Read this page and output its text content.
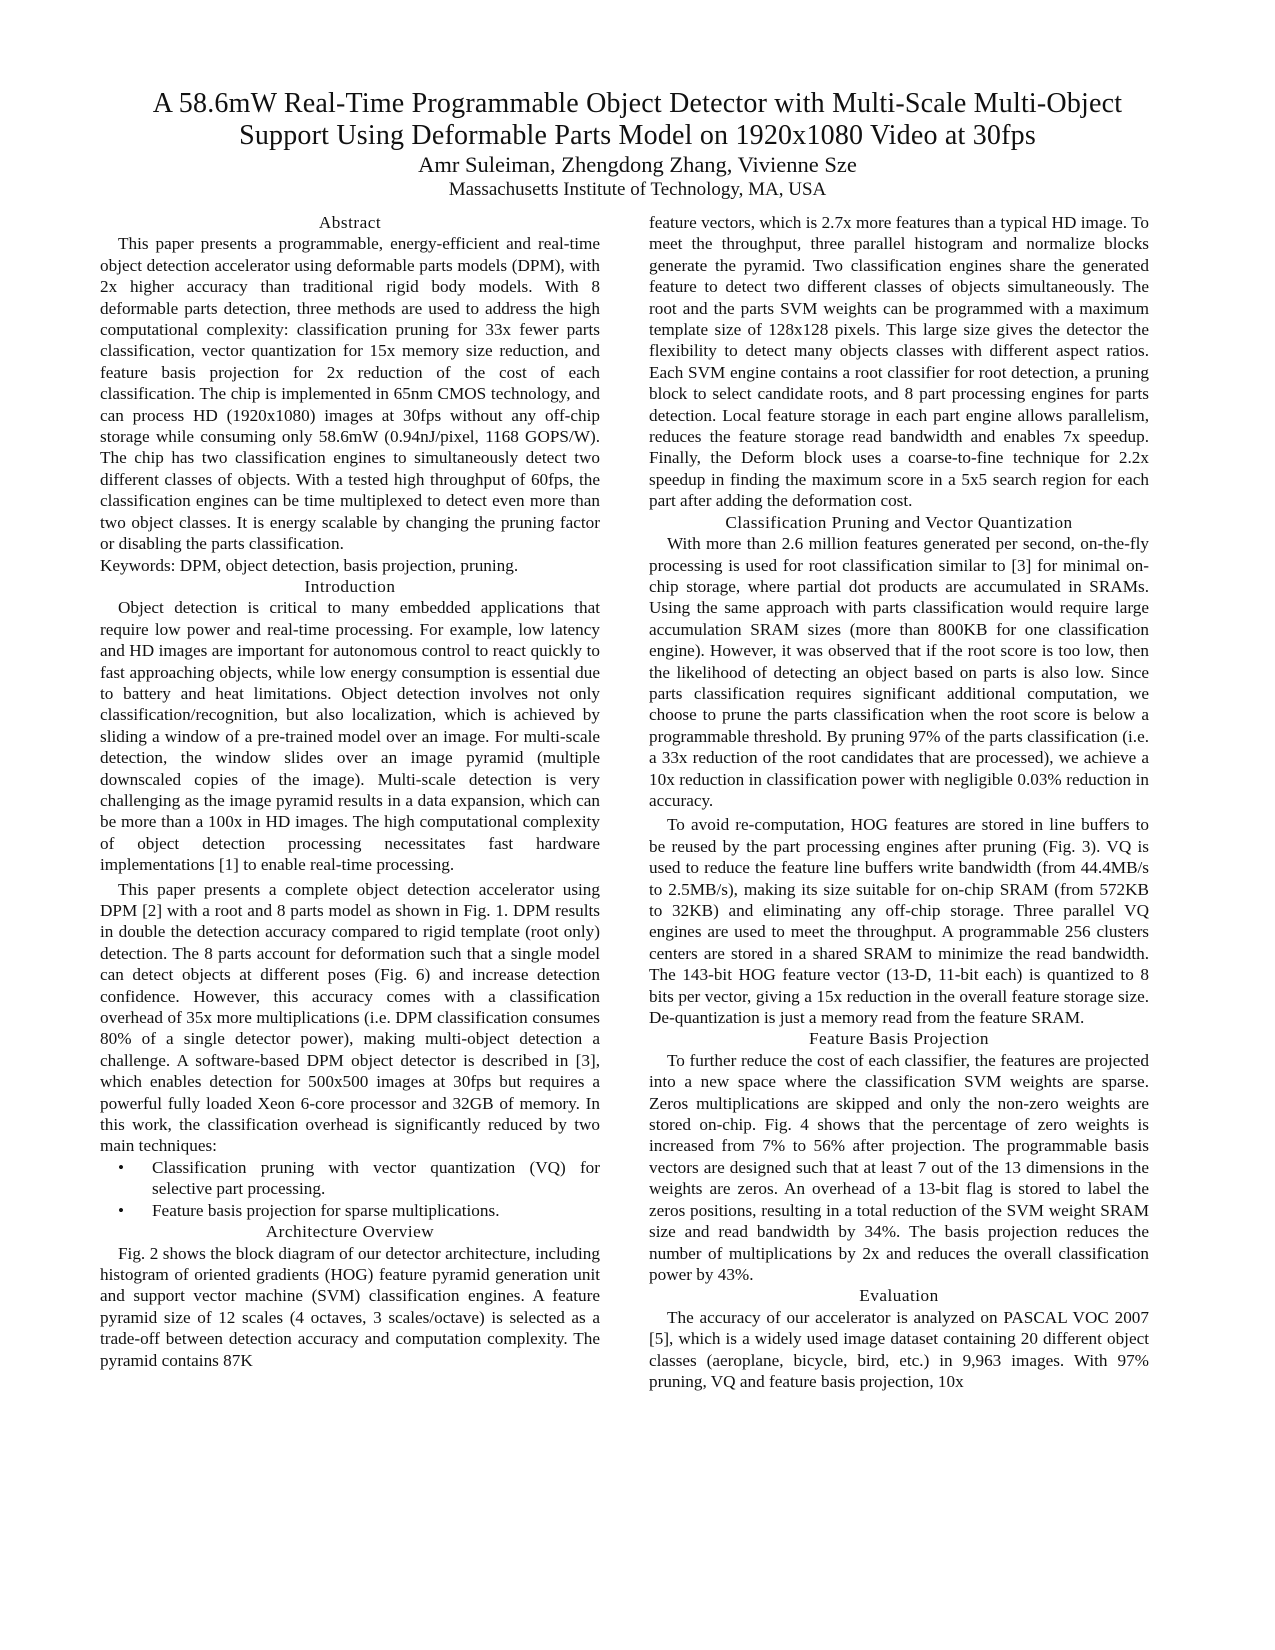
A 58.6mW Real-Time Programmable Object Detector with Multi-Scale Multi-Object
Support Using Deformable Parts Model on 1920x1080 Video at 30fps
Amr Suleiman, Zhengdong Zhang, Vivienne Sze
Massachusetts Institute of Technology, MA, USA
Abstract

This paper presents a programmable, energy-efficient and real-time object detection accelerator using deformable parts models (DPM), with 2x higher accuracy than traditional rigid body models. With 8 deformable parts detection, three methods are used to address the high computational complexity: classification pruning for 33x fewer parts classification, vector quantization for 15x memory size reduction, and feature basis projection for 2x reduction of the cost of each classification. The chip is implemented in 65nm CMOS technology, and can process HD (1920x1080) images at 30fps without any off-chip storage while consuming only 58.6mW (0.94nJ/pixel, 1168 GOPS/W). The chip has two classification engines to simultaneously detect two different classes of objects. With a tested high throughput of 60fps, the classification engines can be time multiplexed to detect even more than two object classes. It is energy scalable by changing the pruning factor or disabling the parts classification.

Keywords: DPM, object detection, basis projection, pruning.

Introduction

Object detection is critical to many embedded applications that require low power and real-time processing. For example, low latency and HD images are important for autonomous control to react quickly to fast approaching objects, while low energy consumption is essential due to battery and heat limitations. Object detection involves not only classification/recognition, but also localization, which is achieved by sliding a window of a pre-trained model over an image. For multi-scale detection, the window slides over an image pyramid (multiple downscaled copies of the image). Multi-scale detection is very challenging as the image pyramid results in a data expansion, which can be more than a 100x in HD images. The high computational complexity of object detection processing necessitates fast hardware implementations [1] to enable real-time processing.

This paper presents a complete object detection accelerator using DPM [2] with a root and 8 parts model as shown in Fig. 1. DPM results in double the detection accuracy compared to rigid template (root only) detection. The 8 parts account for deformation such that a single model can detect objects at different poses (Fig. 6) and increase detection confidence. However, this accuracy comes with a classification overhead of 35x more multiplications (i.e. DPM classification consumes 80% of a single detector power), making multi-object detection a challenge. A software-based DPM object detector is described in [3], which enables detection for 500x500 images at 30fps but requires a powerful fully loaded Xeon 6-core processor and 32GB of memory. In this work, the classification overhead is significantly reduced by two main techniques:

• Classification pruning with vector quantization (VQ) for selective part processing.
• Feature basis projection for sparse multiplications.
Architecture Overview

Fig. 2 shows the block diagram of our detector architecture, including histogram of oriented gradients (HOG) feature pyramid generation unit and support vector machine (SVM) classification engines. A feature pyramid size of 12 scales (4 octaves, 3 scales/octave) is selected as a trade-off between detection accuracy and computation complexity. The pyramid contains 87K

feature vectors, which is 2.7x more features than a typical HD image. To meet the throughput, three parallel histogram and normalize blocks generate the pyramid. Two classification engines share the generated feature to detect two different classes of objects simultaneously. The root and the parts SVM weights can be programmed with a maximum template size of 128x128 pixels. This large size gives the detector the flexibility to detect many objects classes with different aspect ratios. Each SVM engine contains a root classifier for root detection, a pruning block to select candidate roots, and 8 part processing engines for parts detection. Local feature storage in each part engine allows parallelism, reduces the feature storage read bandwidth and enables 7x speedup. Finally, the Deform block uses a coarse-to-fine technique for 2.2x speedup in finding the maximum score in a 5x5 search region for each part after adding the deformation cost.

Classification Pruning and Vector Quantization

With more than 2.6 million features generated per second, on-the-fly processing is used for root classification similar to [3] for minimal on-chip storage, where partial dot products are accumulated in SRAMs. Using the same approach with parts classification would require large accumulation SRAM sizes (more than 800KB for one classification engine). However, it was observed that if the root score is too low, then the likelihood of detecting an object based on parts is also low. Since parts classification requires significant additional computation, we choose to prune the parts classification when the root score is below a programmable threshold. By pruning 97% of the parts classification (i.e. a 33x reduction of the root candidates that are processed), we achieve a 10x reduction in classification power with negligible 0.03% reduction in accuracy.

To avoid re-computation, HOG features are stored in line buffers to be reused by the part processing engines after pruning (Fig. 3). VQ is used to reduce the feature line buffers write bandwidth (from 44.4MB/s to 2.5MB/s), making its size suitable for on-chip SRAM (from 572KB to 32KB) and eliminating any off-chip storage. Three parallel VQ engines are used to meet the throughput. A programmable 256 clusters centers are stored in a shared SRAM to minimize the read bandwidth. The 143-bit HOG feature vector (13-D, 11-bit each) is quantized to 8 bits per vector, giving a 15x reduction in the overall feature storage size. De-quantization is just a memory read from the feature SRAM.

Feature Basis Projection

To further reduce the cost of each classifier, the features are projected into a new space where the classification SVM weights are sparse. Zeros multiplications are skipped and only the non-zero weights are stored on-chip. Fig. 4 shows that the percentage of zero weights is increased from 7% to 56% after projection. The programmable basis vectors are designed such that at least 7 out of the 13 dimensions in the weights are zeros. An overhead of a 13-bit flag is stored to label the zeros positions, resulting in a total reduction of the SVM weight SRAM size and read bandwidth by 34%. The basis projection reduces the number of multiplications by 2x and reduces the overall classification power by 43%.

Evaluation

The accuracy of our accelerator is analyzed on PASCAL VOC 2007 [5], which is a widely used image dataset containing 20 different object classes (aeroplane, bicycle, bird, etc.) in 9,963 images. With 97% pruning, VQ and feature basis projection, 10x
